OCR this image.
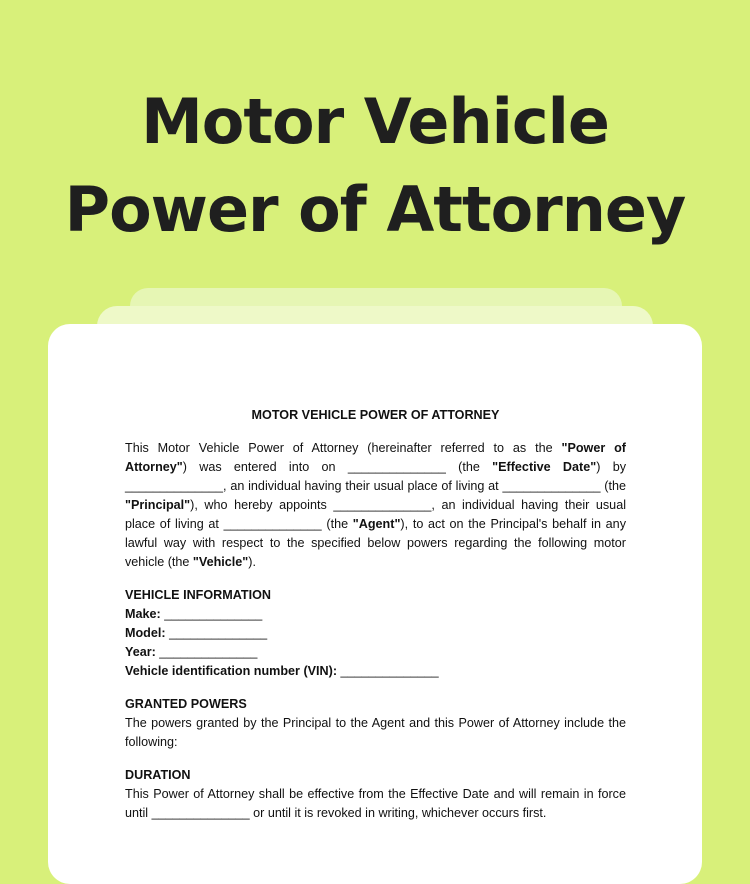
Motor Vehicle
Power of Attorney
MOTOR VEHICLE POWER OF ATTORNEY

This Motor Vehicle Power of Attorney (hereinafter referred to as the "Power of Attorney") was entered into on ______________ (the "Effective Date") by ______________, an individual having their usual place of living at ______________ (the "Principal"), who hereby appoints ______________, an individual having their usual place of living at ______________ (the "Agent"), to act on the Principal's behalf in any lawful way with respect to the specified below powers regarding the following motor vehicle (the "Vehicle").

VEHICLE INFORMATION

Make: ______________

Model: ______________

Year: ______________

Vehicle identification number (VIN): ______________

GRANTED POWERS

The powers granted by the Principal to the Agent and this Power of Attorney include the following:

DURATION

This Power of Attorney shall be effective from the Effective Date and will remain in force until ______________ or until it is revoked in writing, whichever occurs first.
